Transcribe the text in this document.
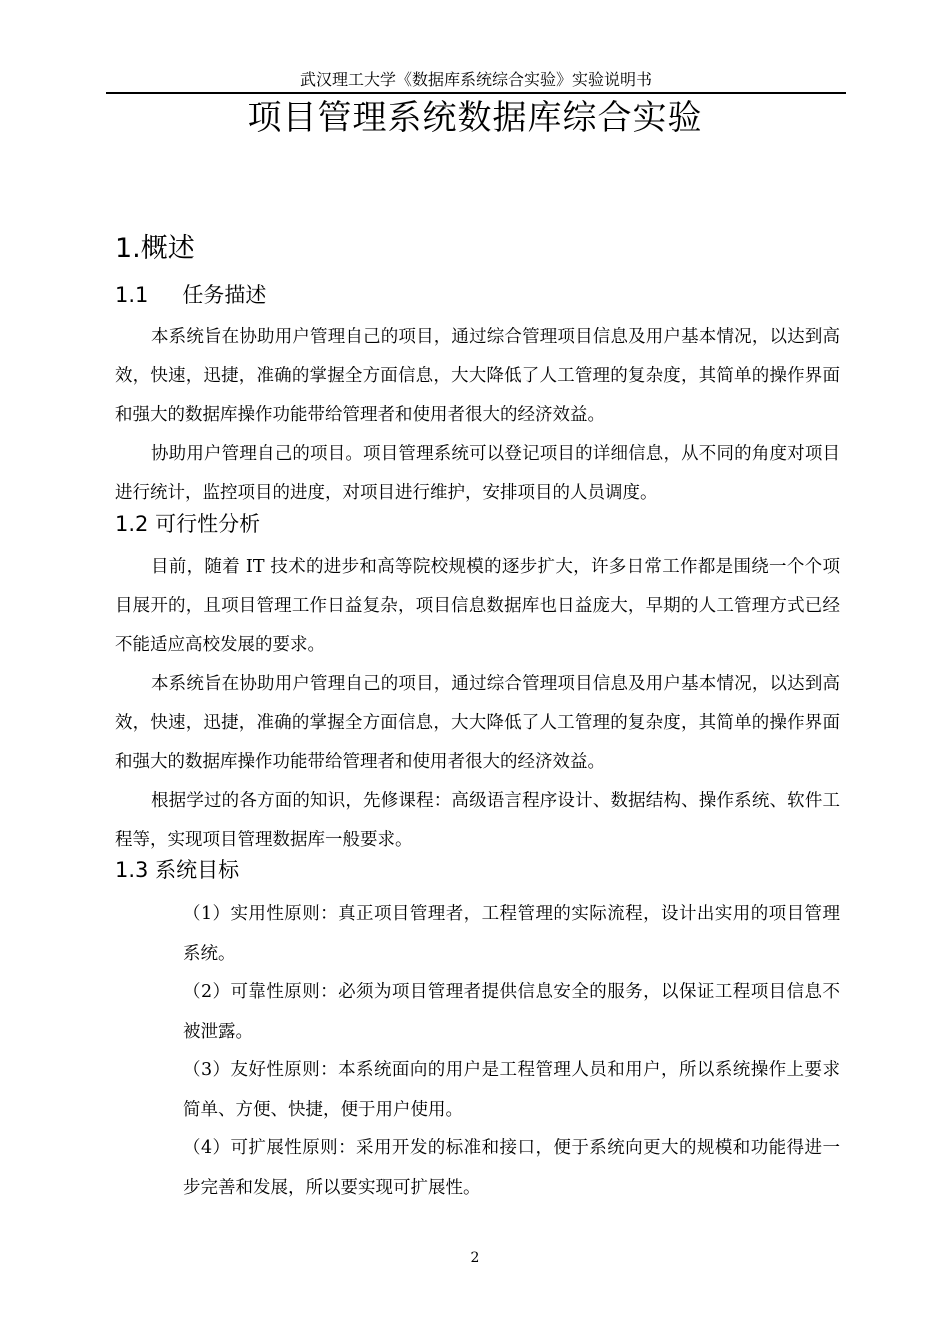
武汉理工大学《数据库系统综合实验》实验说明书
项目管理系统数据库综合实验
1.概述
1.1 任务描述

本系统旨在协助用户管理自己的项目，通过综合管理项目信息及用户基本情况，以达到高效，快速，迅捷，准确的掌握全方面信息，大大降低了人工管理的复杂度，其简单的操作界面和强大的数据库操作功能带给管理者和使用者很大的经济效益。

协助用户管理自己的项目。项目管理系统可以登记项目的详细信息，从不同的角度对项目进行统计，监控项目的进度，对项目进行维护，安排项目的人员调度。

1.2 可行性分析

目前，随着 IT 技术的进步和高等院校规模的逐步扩大，许多日常工作都是围绕一个个项目展开的，且项目管理工作日益复杂，项目信息数据库也日益庞大，早期的人工管理方式已经不能适应高校发展的要求。

本系统旨在协助用户管理自己的项目，通过综合管理项目信息及用户基本情况，以达到高效，快速，迅捷，准确的掌握全方面信息，大大降低了人工管理的复杂度，其简单的操作界面和强大的数据库操作功能带给管理者和使用者很大的经济效益。

根据学过的各方面的知识，先修课程：高级语言程序设计、数据结构、操作系统、软件工程等，实现项目管理数据库一般要求。

1.3 系统目标

（1）实用性原则：真正项目管理者，工程管理的实际流程，设计出实用的项目管理系统。

（2）可靠性原则：必须为项目管理者提供信息安全的服务，以保证工程项目信息不被泄露。

（3）友好性原则：本系统面向的用户是工程管理人员和用户，所以系统操作上要求简单、方便、快捷，便于用户使用。

（4）可扩展性原则：采用开发的标准和接口，便于系统向更大的规模和功能得进一步完善和发展，所以要实现可扩展性。

2
